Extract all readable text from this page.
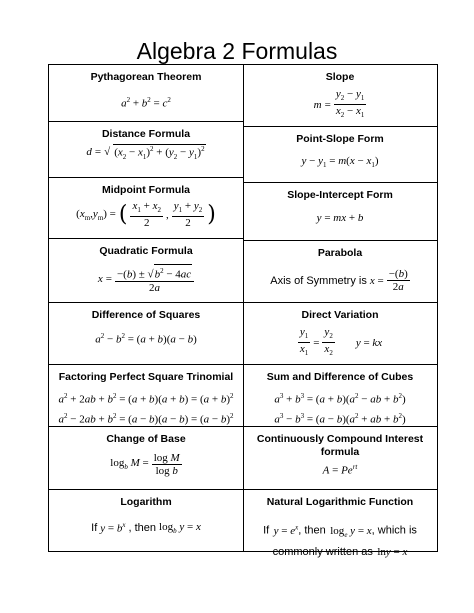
Algebra 2 Formulas
Pythagorean Theorem
$a^2 + b^2 = c^2$
Distance Formula
d = √ $(x_2 - x_1)^2 + (y_2 - y_1)^2$
Midpoint Formula
$(x_m,y_m)$ = ( $\frac{x_1 + x_2}{2}$ , $\frac{y_1 + y_2}{2}$ )
Quadratic Formula
$x = \frac{-(b) \pm √b^2 - 4ac}{2a}$
Difference of Squares
$a^2 - b^2 = (a + b)(a - b)$
Factoring Perfect Square Trinomial
$a^2 + 2ab + b^2 = (a + b)(a + b) = (a + b)^2$
$a^2 - 2ab + b^2 = (a - b)(a - b) = (a - b)^2$
Change of Base
$\log_b M = \frac{\text{log M}}{\text{log b}}$
Logarithm
If $y = b^x$ , then $\log_b y = x$
Slope
$m = \frac{y_2 - y_1}{x_2 - x_1}$
Point-Slope Form
$y - y_1 = m(x - x_1)$
Slope-Intercept Form
y = mx + b
Parabola
Axis of Symmetry is $x = \frac{-(b)}{2a}$
Direct Variation
$\frac{y_1}{x_1} = \frac{y_2}{x_2}$ y = kx
Sum and Difference of Cubes
$a^3 + b^3 = (a + b)(a^2$ − ab + $b^2$)
$a^3 - b^3 = (a - b)(a^2$ + ab + $b^2$)
Continuously Compound Interest formula
$A = Pe^{rt}$
Natural Logarithmic Function
If $y = e^x$, then $\log_e y = x$, which is
commonly written as lny = x
